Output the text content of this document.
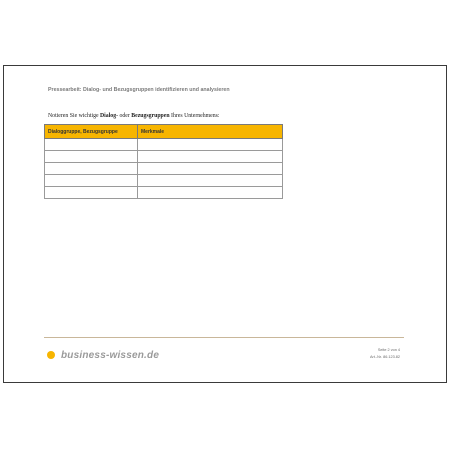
Pressearbeit: Dialog- und Bezugsgruppen identifizieren und analysieren
Notieren Sie wichtige Dialog- oder Bezugsgruppen Ihres Unternehmens:
Dialoggruppe, Bezugsgruppe	Merkmale

business-wissen.de	Seite 2 von 4
Art.-Nr. 86.123.82
